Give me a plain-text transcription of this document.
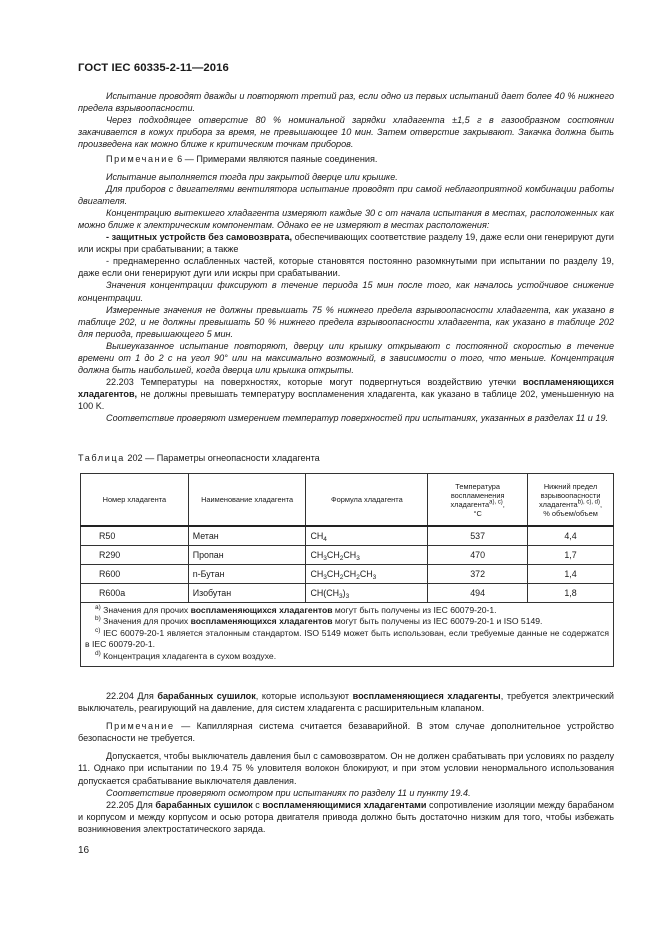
ГОСТ IEC 60335-2-11—2016

Испытание проводят дважды и повторяют третий раз, если одно из первых испытаний дает более 40 % нижнего предела взрывоопасности.

Через подходящее отверстие 80 % номинальной зарядки хладагента ±1,5 г в газообразном состоянии закачивается в кожух прибора за время, не превышающее 10 мин. Затем отверстие закрывают. Закачка должна быть произведена как можно ближе к критическим точкам приборов.

Примечание 6 — Примерами являются паяные соединения.

Испытание выполняется тогда при закрытой дверце или крышке.

Для приборов с двигателями вентилятора испытание проводят при самой неблагоприятной комбинации работы двигателя.

Концентрацию вытекшего хладагента измеряют каждые 30 с от начала испытания в местах, расположенных как можно ближе к электрическим компонентам. Однако ее не измеряют в местах расположения:

- защитных устройств без самовозврата, обеспечивающих соответствие разделу 19, даже если они генерируют дуги или искры при срабатывании; а также

- преднамеренно ослабленных частей, которые становятся постоянно разомкнутыми при испытании по разделу 19, даже если они генерируют дуги или искры при срабатывании.

Значения концентрации фиксируют в течение периода 15 мин после того, как началось устойчивое снижение концентрации.

Измеренные значения не должны превышать 75 % нижнего предела взрывоопасности хладагента, как указано в таблице 202, и не должны превышать 50 % нижнего предела взрывоопасности хладагента, как указано в таблице 202 для периода, превышающего 5 мин.

Вышеуказанное испытание повторяют, дверцу или крышку открывают с постоянной скоростью в течение времени от 1 до 2 с на угол 90° или на максимально возможный, в зависимости о того, что меньше. Концентрация должна быть наибольшей, когда дверца или крышка открыты.

22.203 Температуры на поверхностях, которые могут подвергнуться воздействию утечки воспламеняющихся хладагентов, не должны превышать температуру воспламенения хладагента, как указано в таблице 202, уменьшенную на 100 K.

Соответствие проверяют измерением температур поверхностей при испытаниях, указанных в разделах 11 и 19.

Таблица 202 — Параметры огнеопасности хладагента
Номер хладагента	Наименование хладагента	Формула хладагента	Температура воспламенения хладагента$^{a), c)}$,
°C	Нижний предел взрывоопасности хладагента$^{b), c), d)}$,
% объем/объем
R50	Метан	$CH_4$	537	4,4
R290	Пропан	$CH_3CH_2CH_3$	470	1,7
R600	n-Бутан	$CH_3CH_2CH_2CH_3$	372	1,4
R600a	Изобутан	$CH(CH_3)_3$	494	1,8

$^{a)}$ Значения для прочих воспламеняющихся хладагентов могут быть получены из IEC 60079-20-1.

$^{b)}$ Значения для прочих воспламеняющихся хладагентов могут быть получены из IEC 60079-20-1 и ISO 5149.

$^{c)}$ IEC 60079-20-1 является эталонным стандартом. ISO 5149 может быть использован, если требуемые данные не содержатся в IEC 60079-20-1.

$^{d)}$ Концентрация хладагента в сухом воздухе.

22.204 Для барабанных сушилок, которые используют воспламеняющиеся хладагенты, требуется электрический выключатель, реагирующий на давление, для систем хладагента с расширительным клапаном.

Примечание — Капиллярная система считается безаварийной. В этом случае дополнительное устройство безопасности не требуется.

Допускается, чтобы выключатель давления был с самовозвратом. Он не должен срабатывать при условиях по разделу 11. Однако при испытании по 19.4 75 % уловителя волокон блокируют, и при этом условии ненормального использования допускается срабатывание выключателя давления.

Соответствие проверяют осмотром при испытаниях по разделу 11 и пункту 19.4.

22.205 Для барабанных сушилок с воспламеняющимися хладагентами сопротивление изоляции между барабаном и корпусом и между корпусом и осью ротора двигателя привода должно быть достаточно низким для того, чтобы избежать возникновения электростатического заряда.

16
